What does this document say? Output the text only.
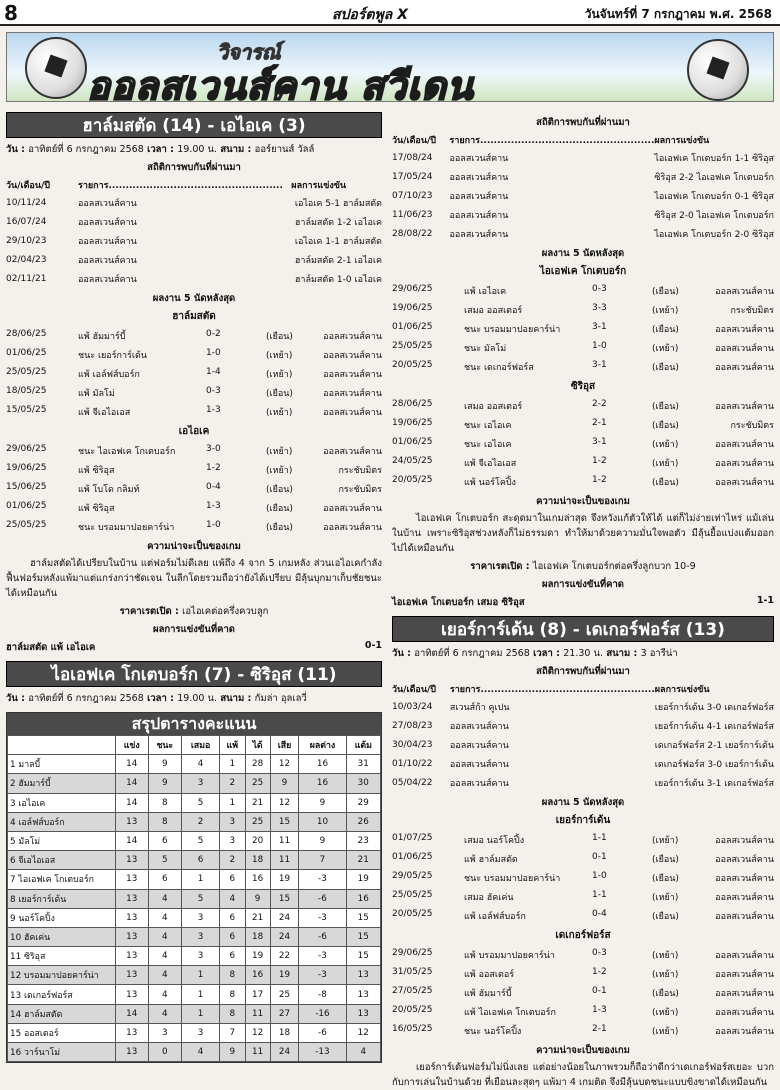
8	สปอร์ตพูล X	วันจันทร์ที่ 7 กรกฎาคม พ.ศ. 2568
วิจารณ์
ออลสเวนส์คาน สวีเดน
ฮาล์มสตัด (14) - เอไอเค (3)
วัน : อาทิตย์ที่ 6 กรกฎาคม 2568 เวลา : 19.00 น. สนาม : ออร์ยานส์ วัลล์
สถิติการพบกันที่ผ่านมา
วัน/เดือน/ปี	รายการ...................................................	ผลการแข่งขัน
10/11/24	ออลสเวนส์คาน	เอไอเค 5-1 ฮาล์มสตัด
16/07/24	ออลสเวนส์คาน	ฮาล์มสตัด 1-2 เอไอเค
29/10/23	ออลสเวนส์คาน	เอไอเค 1-1 ฮาล์มสตัด
02/04/23	ออลสเวนส์คาน	ฮาล์มสตัด 2-1 เอไอเค
02/11/21	ออลสเวนส์คาน	ฮาล์มสตัด 1-0 เอไอเค
ผลงาน 5 นัดหลังสุด
ฮาล์มสตัด
28/06/25	แพ้ ฮัมมาร์บี้	0-2	(เยือน)	ออลสเวนส์คาน
01/06/25	ชนะ เยอร์การ์เด้น	1-0	(เหย้า)	ออลสเวนส์คาน
25/05/25	แพ้ เอล์ฟส์บอร์ก	1-4	(เหย้า)	ออลสเวนส์คาน
18/05/25	แพ้ มัลโม่	0-3	(เยือน)	ออลสเวนส์คาน
15/05/25	แพ้ จีเอไอเอส	1-3	(เหย้า)	ออลสเวนส์คาน
เอไอเค
29/06/25	ชนะ ไอเอฟเค โกเตบอร์ก	3-0	(เหย้า)	ออลสเวนส์คาน
19/06/25	แพ้ ซิริอุส	1-2	(เหย้า)	กระชับมิตร
15/06/25	แพ้ โบโด กลิมท์	0-4	(เยือน)	กระชับมิตร
01/06/25	แพ้ ซิริอุส	1-3	(เยือน)	ออลสเวนส์คาน
25/05/25	ชนะ บรอมมาปอยคาร์น่า	1-0	(เยือน)	ออลสเวนส์คาน
ความน่าจะเป็นของเกม

ฮาล์มสตัดได้เปรียบในบ้าน แต่ฟอร์มไม่ดีเลย แพ้ถึง 4 จาก 5 เกมหลัง ส่วนเอไอเคกำลังฟื้นฟอร์มหลังแพ้มาแต่แกร่งกว่าชัดเจน ในลีกโดยรวมถือว่ายังได้เปรียบ มีลุ้นบุกมาเก็บชัยชนะได้เหมือนกัน

ราคาเรตเปิด : เอไอเคต่อครึ่งควบลูก
ผลการแข่งขันที่คาด
ฮาล์มสตัด แพ้ เอไอเค	0-1
ไอเอฟเค โกเตบอร์ก (7) - ซิริอุส (11)
วัน : อาทิตย์ที่ 6 กรกฎาคม 2568 เวลา : 19.00 น. สนาม : กัมล่า อุลเลวี่
สรุปตารางคะแนน
	แข่ง	ชนะ	เสมอ	แพ้	ได้	เสีย	ผลต่าง	แต้ม
1 มาลบี้	14	9	4	1	28	12	16	31
2 ฮัมมาร์บี้	14	9	3	2	25	9	16	30
3 เอไอเค	14	8	5	1	21	12	9	29
4 เอล์ฟส์บอร์ก	13	8	2	3	25	15	10	26
5 มัลโม่	14	6	5	3	20	11	9	23
6 จีเอไอเอส	13	5	6	2	18	11	7	21
7 ไอเอฟเค โกเตบอร์ก	13	6	1	6	16	19	-3	19
8 เยอร์การ์เด้น	13	4	5	4	9	15	-6	16
9 นอร์โคปิ้ง	13	4	3	6	21	24	-3	15
10 ฮัคเค่น	13	4	3	6	18	24	-6	15
11 ซิริอุส	13	4	3	6	19	22	-3	15
12 บรอมมาปอยคาร์น่า	13	4	1	8	16	19	-3	13
13 เดเกอร์ฟอร์ส	13	4	1	8	17	25	-8	13
14 ฮาล์มสตัด	14	4	1	8	11	27	-16	13
15 ออสเตอร์	13	3	3	7	12	18	-6	12
16 วาร์นาโม่	13	0	4	9	11	24	-13	4
สถิติการพบกันที่ผ่านมา
วัน/เดือน/ปี	รายการ...................................................	ผลการแข่งขัน
17/08/24	ออลสเวนส์คาน	ไอเอฟเค โกเตบอร์ก 1-1 ซิริอุส
17/05/24	ออลสเวนส์คาน	ซิริอุส 2-2 ไอเอฟเค โกเตบอร์ก
07/10/23	ออลสเวนส์คาน	ไอเอฟเค โกเตบอร์ก 0-1 ซิริอุส
11/06/23	ออลสเวนส์คาน	ซิริอุส 2-0 ไอเอฟเค โกเตบอร์ก
28/08/22	ออลสเวนส์คาน	ไอเอฟเค โกเตบอร์ก 2-0 ซิริอุส
ผลงาน 5 นัดหลังสุด
ไอเอฟเค โกเตบอร์ก
29/06/25	แพ้ เอไอเค	0-3	(เยือน)	ออลสเวนส์คาน
19/06/25	เสมอ ออสเตอร์	3-3	(เหย้า)	กระชับมิตร
01/06/25	ชนะ บรอมมาปอยคาร์น่า	3-1	(เยือน)	ออลสเวนส์คาน
25/05/25	ชนะ มัลโม่	1-0	(เหย้า)	ออลสเวนส์คาน
20/05/25	ชนะ เดเกอร์ฟอร์ส	3-1	(เยือน)	ออลสเวนส์คาน
ซิริอุส
28/06/25	เสมอ ออสเตอร์	2-2	(เยือน)	ออลสเวนส์คาน
19/06/25	ชนะ เอไอเค	2-1	(เยือน)	กระชับมิตร
01/06/25	ชนะ เอไอเค	3-1	(เหย้า)	ออลสเวนส์คาน
24/05/25	แพ้ จีเอไอเอส	1-2	(เหย้า)	ออลสเวนส์คาน
20/05/25	แพ้ นอร์โคปิ้ง	1-2	(เยือน)	ออลสเวนส์คาน
ความน่าจะเป็นของเกม

ไอเอฟเค โกเตบอร์ก สะดุดมาในเกมล่าสุด จึงหวังแก้ตัวให้ได้ แต่ก็ไม่ง่ายเท่าไหร่ แม้เล่นในบ้าน เพราะซิริอุสช่วงหลังก็ไม่ธรรมดา ทำให้มาด้วยความมั่นใจพอตัว มีลุ้นยื้อแบ่งแต้มออกไปได้เหมือนกัน

ราคาเรตเปิด : ไอเอฟเค โกเตบอร์กต่อครึ่งลูกบวก 10-9
ผลการแข่งขันที่คาด
ไอเอฟเค โกเตบอร์ก เสมอ ซิริอุส	1-1
เยอร์การ์เด้น (8) - เดเกอร์ฟอร์ส (13)
วัน : อาทิตย์ที่ 6 กรกฎาคม 2568 เวลา : 21.30 น. สนาม : 3 อารีน่า
สถิติการพบกันที่ผ่านมา
วัน/เดือน/ปี	รายการ...................................................	ผลการแข่งขัน
10/03/24	สเวนส์ก้า คูเปน	เยอร์การ์เด้น 3-0 เดเกอร์ฟอร์ส
27/08/23	ออลสเวนส์คาน	เยอร์การ์เด้น 4-1 เดเกอร์ฟอร์ส
30/04/23	ออลสเวนส์คาน	เดเกอร์ฟอร์ส 2-1 เยอร์การ์เด้น
01/10/22	ออลสเวนส์คาน	เดเกอร์ฟอร์ส 3-0 เยอร์การ์เด้น
05/04/22	ออลสเวนส์คาน	เยอร์การ์เด้น 3-1 เดเกอร์ฟอร์ส
ผลงาน 5 นัดหลังสุด
เยอร์การ์เด้น
01/07/25	เสมอ นอร์โคปิ้ง	1-1	(เหย้า)	ออลสเวนส์คาน
01/06/25	แพ้ ฮาล์มสตัด	0-1	(เยือน)	ออลสเวนส์คาน
29/05/25	ชนะ บรอมมาปอยคาร์น่า	1-0	(เยือน)	ออลสเวนส์คาน
25/05/25	เสมอ ฮัคเค่น	1-1	(เหย้า)	ออลสเวนส์คาน
20/05/25	แพ้ เอล์ฟส์บอร์ก	0-4	(เยือน)	ออลสเวนส์คาน
เดเกอร์ฟอร์ส
29/06/25	แพ้ บรอมมาปอยคาร์น่า	0-3	(เหย้า)	ออลสเวนส์คาน
31/05/25	แพ้ ออสเตอร์	1-2	(เหย้า)	ออลสเวนส์คาน
27/05/25	แพ้ ฮัมมาร์บี้	0-1	(เยือน)	ออลสเวนส์คาน
20/05/25	แพ้ ไอเอฟเค โกเตบอร์ก	1-3	(เหย้า)	ออลสเวนส์คาน
16/05/25	ชนะ นอร์โคปิ้ง	2-1	(เหย้า)	ออลสเวนส์คาน
ความน่าจะเป็นของเกม

เยอร์การ์เด้นฟอร์มไม่นิ่งเลย แต่อย่างน้อยในภาพรวมก็ถือว่าดีกว่าเดเกอร์ฟอร์สเยอะ บวกกับการเล่นในบ้านด้วย ที่เยือนละสุดๆ แพ้มา 4 เกมติด จึงมีลุ้นบดชนะแบบขิงขาดได้เหมือนกัน
